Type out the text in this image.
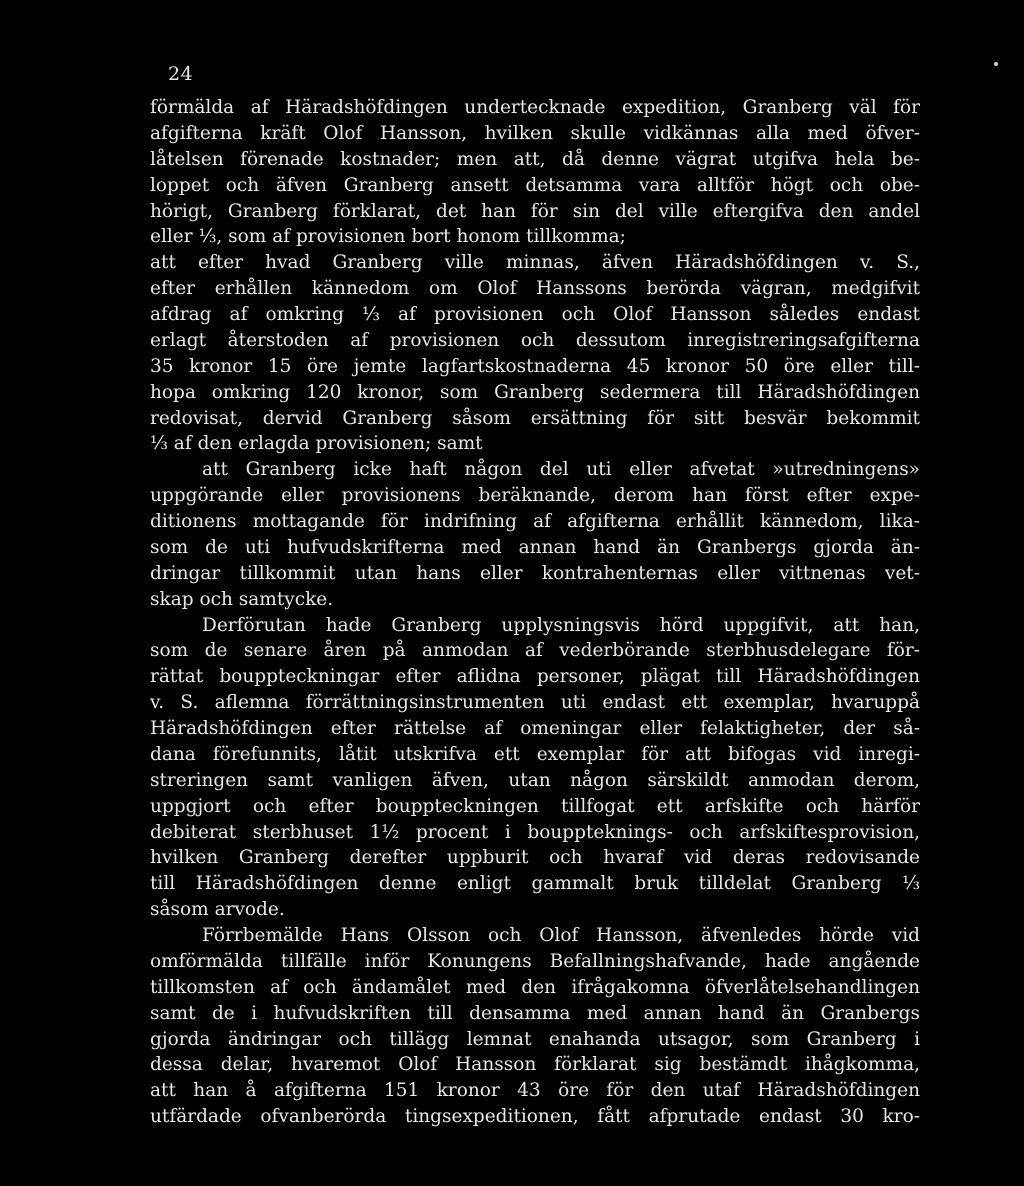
24
förmälda af Häradshöfdingen undertecknade expedition, Granberg väl för
afgifterna kräft Olof Hansson, hvilken skulle vidkännas alla med öfver-
låtelsen förenade kostnader; men att, då denne vägrat utgifva hela be-
loppet och äfven Granberg ansett detsamma vara alltför högt och obe-
hörigt, Granberg förklarat, det han för sin del ville eftergifva den andel
eller ⅓, som af provisionen bort honom tillkomma;
att efter hvad Granberg ville minnas, äfven Häradshöfdingen v. S.,
efter erhållen kännedom om Olof Hanssons berörda vägran, medgifvit
afdrag af omkring ⅓ af provisionen och Olof Hansson således endast
erlagt återstoden af provisionen och dessutom inregistreringsafgifterna
35 kronor 15 öre jemte lagfartskostnaderna 45 kronor 50 öre eller till-
hopa omkring 120 kronor, som Granberg sedermera till Häradshöfdingen
redovisat, dervid Granberg såsom ersättning för sitt besvär bekommit
⅓ af den erlagda provisionen; samt
att Granberg icke haft någon del uti eller afvetat »utredningens»
uppgörande eller provisionens beräknande, derom han först efter expe-
ditionens mottagande för indrifning af afgifterna erhållit kännedom, lika-
som de uti hufvudskrifterna med annan hand än Granbergs gjorda än-
dringar tillkommit utan hans eller kontrahenternas eller vittnenas vet-
skap och samtycke.
Derförutan hade Granberg upplysningsvis hörd uppgifvit, att han,
som de senare åren på anmodan af vederbörande sterbhusdelegare för-
rättat bouppteckningar efter aflidna personer, plägat till Häradshöfdingen
v. S. aflemna förrättningsinstrumenten uti endast ett exemplar, hvaruppå
Häradshöfdingen efter rättelse af omeningar eller felaktigheter, der så-
dana förefunnits, låtit utskrifva ett exemplar för att bifogas vid inregi-
streringen samt vanligen äfven, utan någon särskildt anmodan derom,
uppgjort och efter bouppteckningen tillfogat ett arfskifte och härför
debiterat sterbhuset 1½ procent i bouppteknings- och arfskiftesprovision,
hvilken Granberg derefter uppburit och hvaraf vid deras redovisande
till Häradshöfdingen denne enligt gammalt bruk tilldelat Granberg ⅓
såsom arvode.
Förrbemälde Hans Olsson och Olof Hansson, äfvenledes hörde vid
omförmälda tillfälle inför Konungens Befallningshafvande, hade angående
tillkomsten af och ändamålet med den ifrågakomna öfverlåtelsehandlingen
samt de i hufvudskriften till densamma med annan hand än Granbergs
gjorda ändringar och tillägg lemnat enahanda utsagor, som Granberg i
dessa delar, hvaremot Olof Hansson förklarat sig bestämdt ihågkomma,
att han å afgifterna 151 kronor 43 öre för den utaf Häradshöfdingen
utfärdade ofvanberörda tingsexpeditionen, fått afprutade endast 30 kro-
